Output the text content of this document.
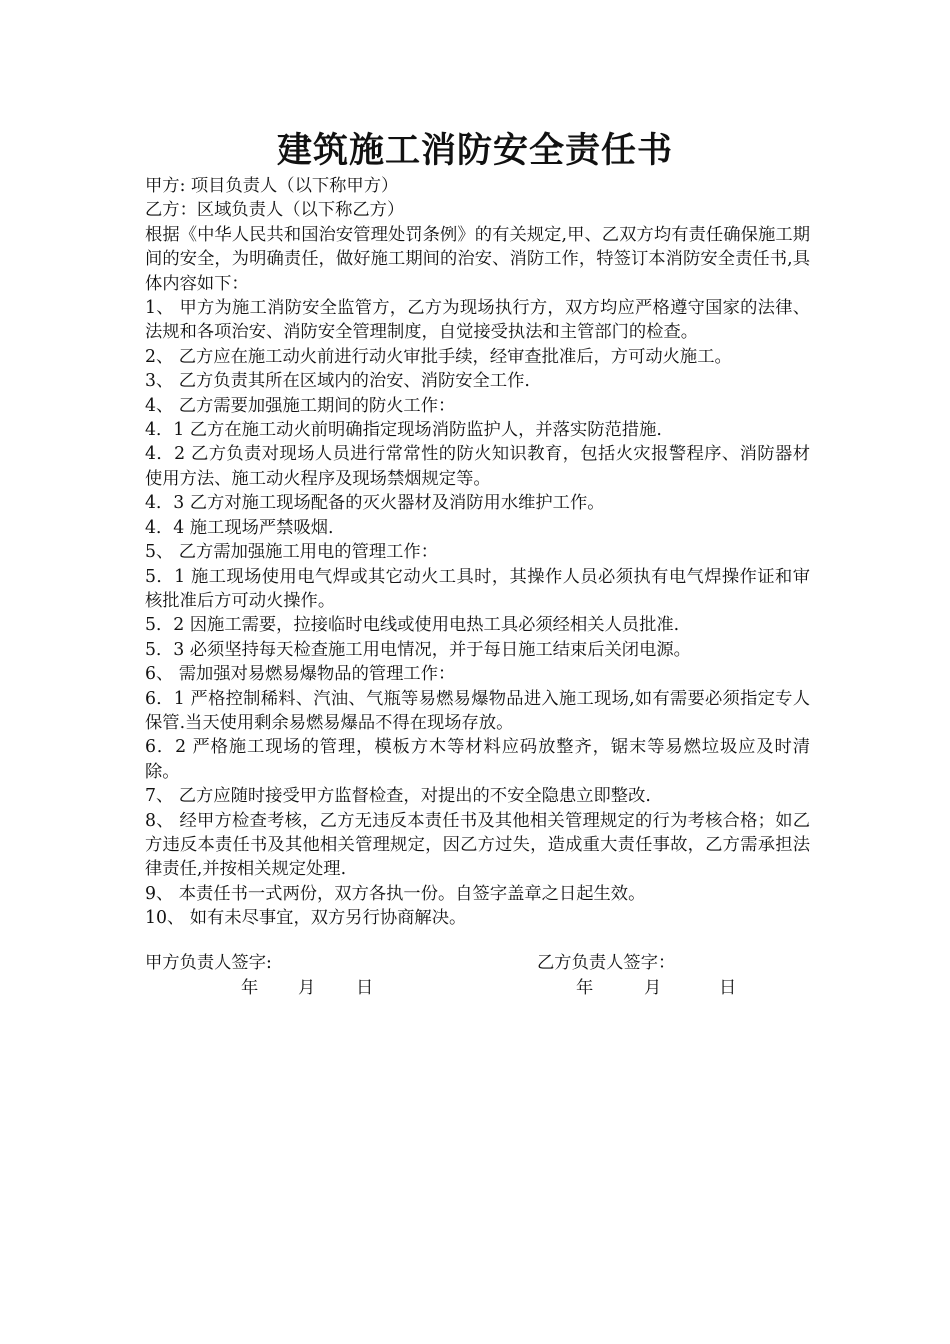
建筑施工消防安全责任书

甲方: 项目负责人（以下称甲方）

乙方：区域负责人（以下称乙方）

根据《中华人民共和国治安管理处罚条例》的有关规定,甲、乙双方均有责任确保施工期间的安全，为明确责任，做好施工期间的治安、消防工作，特签订本消防安全责任书,具体内容如下：

1、 甲方为施工消防安全监管方，乙方为现场执行方，双方均应严格遵守国家的法律、法规和各项治安、消防安全管理制度，自觉接受执法和主管部门的检查。

2、 乙方应在施工动火前进行动火审批手续，经审查批准后，方可动火施工。

3、 乙方负责其所在区域内的治安、消防安全工作.

4、 乙方需要加强施工期间的防火工作：

4．1 乙方在施工动火前明确指定现场消防监护人，并落实防范措施.

4．2 乙方负责对现场人员进行常常性的防火知识教育，包括火灾报警程序、消防器材使用方法、施工动火程序及现场禁烟规定等。

4．3 乙方对施工现场配备的灭火器材及消防用水维护工作。

4．4 施工现场严禁吸烟.

5、 乙方需加强施工用电的管理工作：

5．1 施工现场使用电气焊或其它动火工具时，其操作人员必须执有电气焊操作证和审核批准后方可动火操作。

5．2 因施工需要，拉接临时电线或使用电热工具必须经相关人员批准.

5．3 必须坚持每天检查施工用电情况，并于每日施工结束后关闭电源。

6、 需加强对易燃易爆物品的管理工作：

6．1 严格控制稀料、汽油、气瓶等易燃易爆物品进入施工现场,如有需要必须指定专人保管.当天使用剩余易燃易爆品不得在现场存放。

6．2 严格施工现场的管理，模板方木等材料应码放整齐，锯末等易燃垃圾应及时清除。

7、 乙方应随时接受甲方监督检查，对提出的不安全隐患立即整改.

8、 经甲方检查考核，乙方无违反本责任书及其他相关管理规定的行为考核合格；如乙方违反本责任书及其他相关管理规定，因乙方过失，造成重大责任事故，乙方需承担法律责任,并按相关规定处理.

9、 本责任书一式两份，双方各执一份。自签字盖章之日起生效。

10、 如有未尽事宜，双方另行协商解决。

甲方负责人签字:	乙方负责人签字：
年 月 日	年	月	日
